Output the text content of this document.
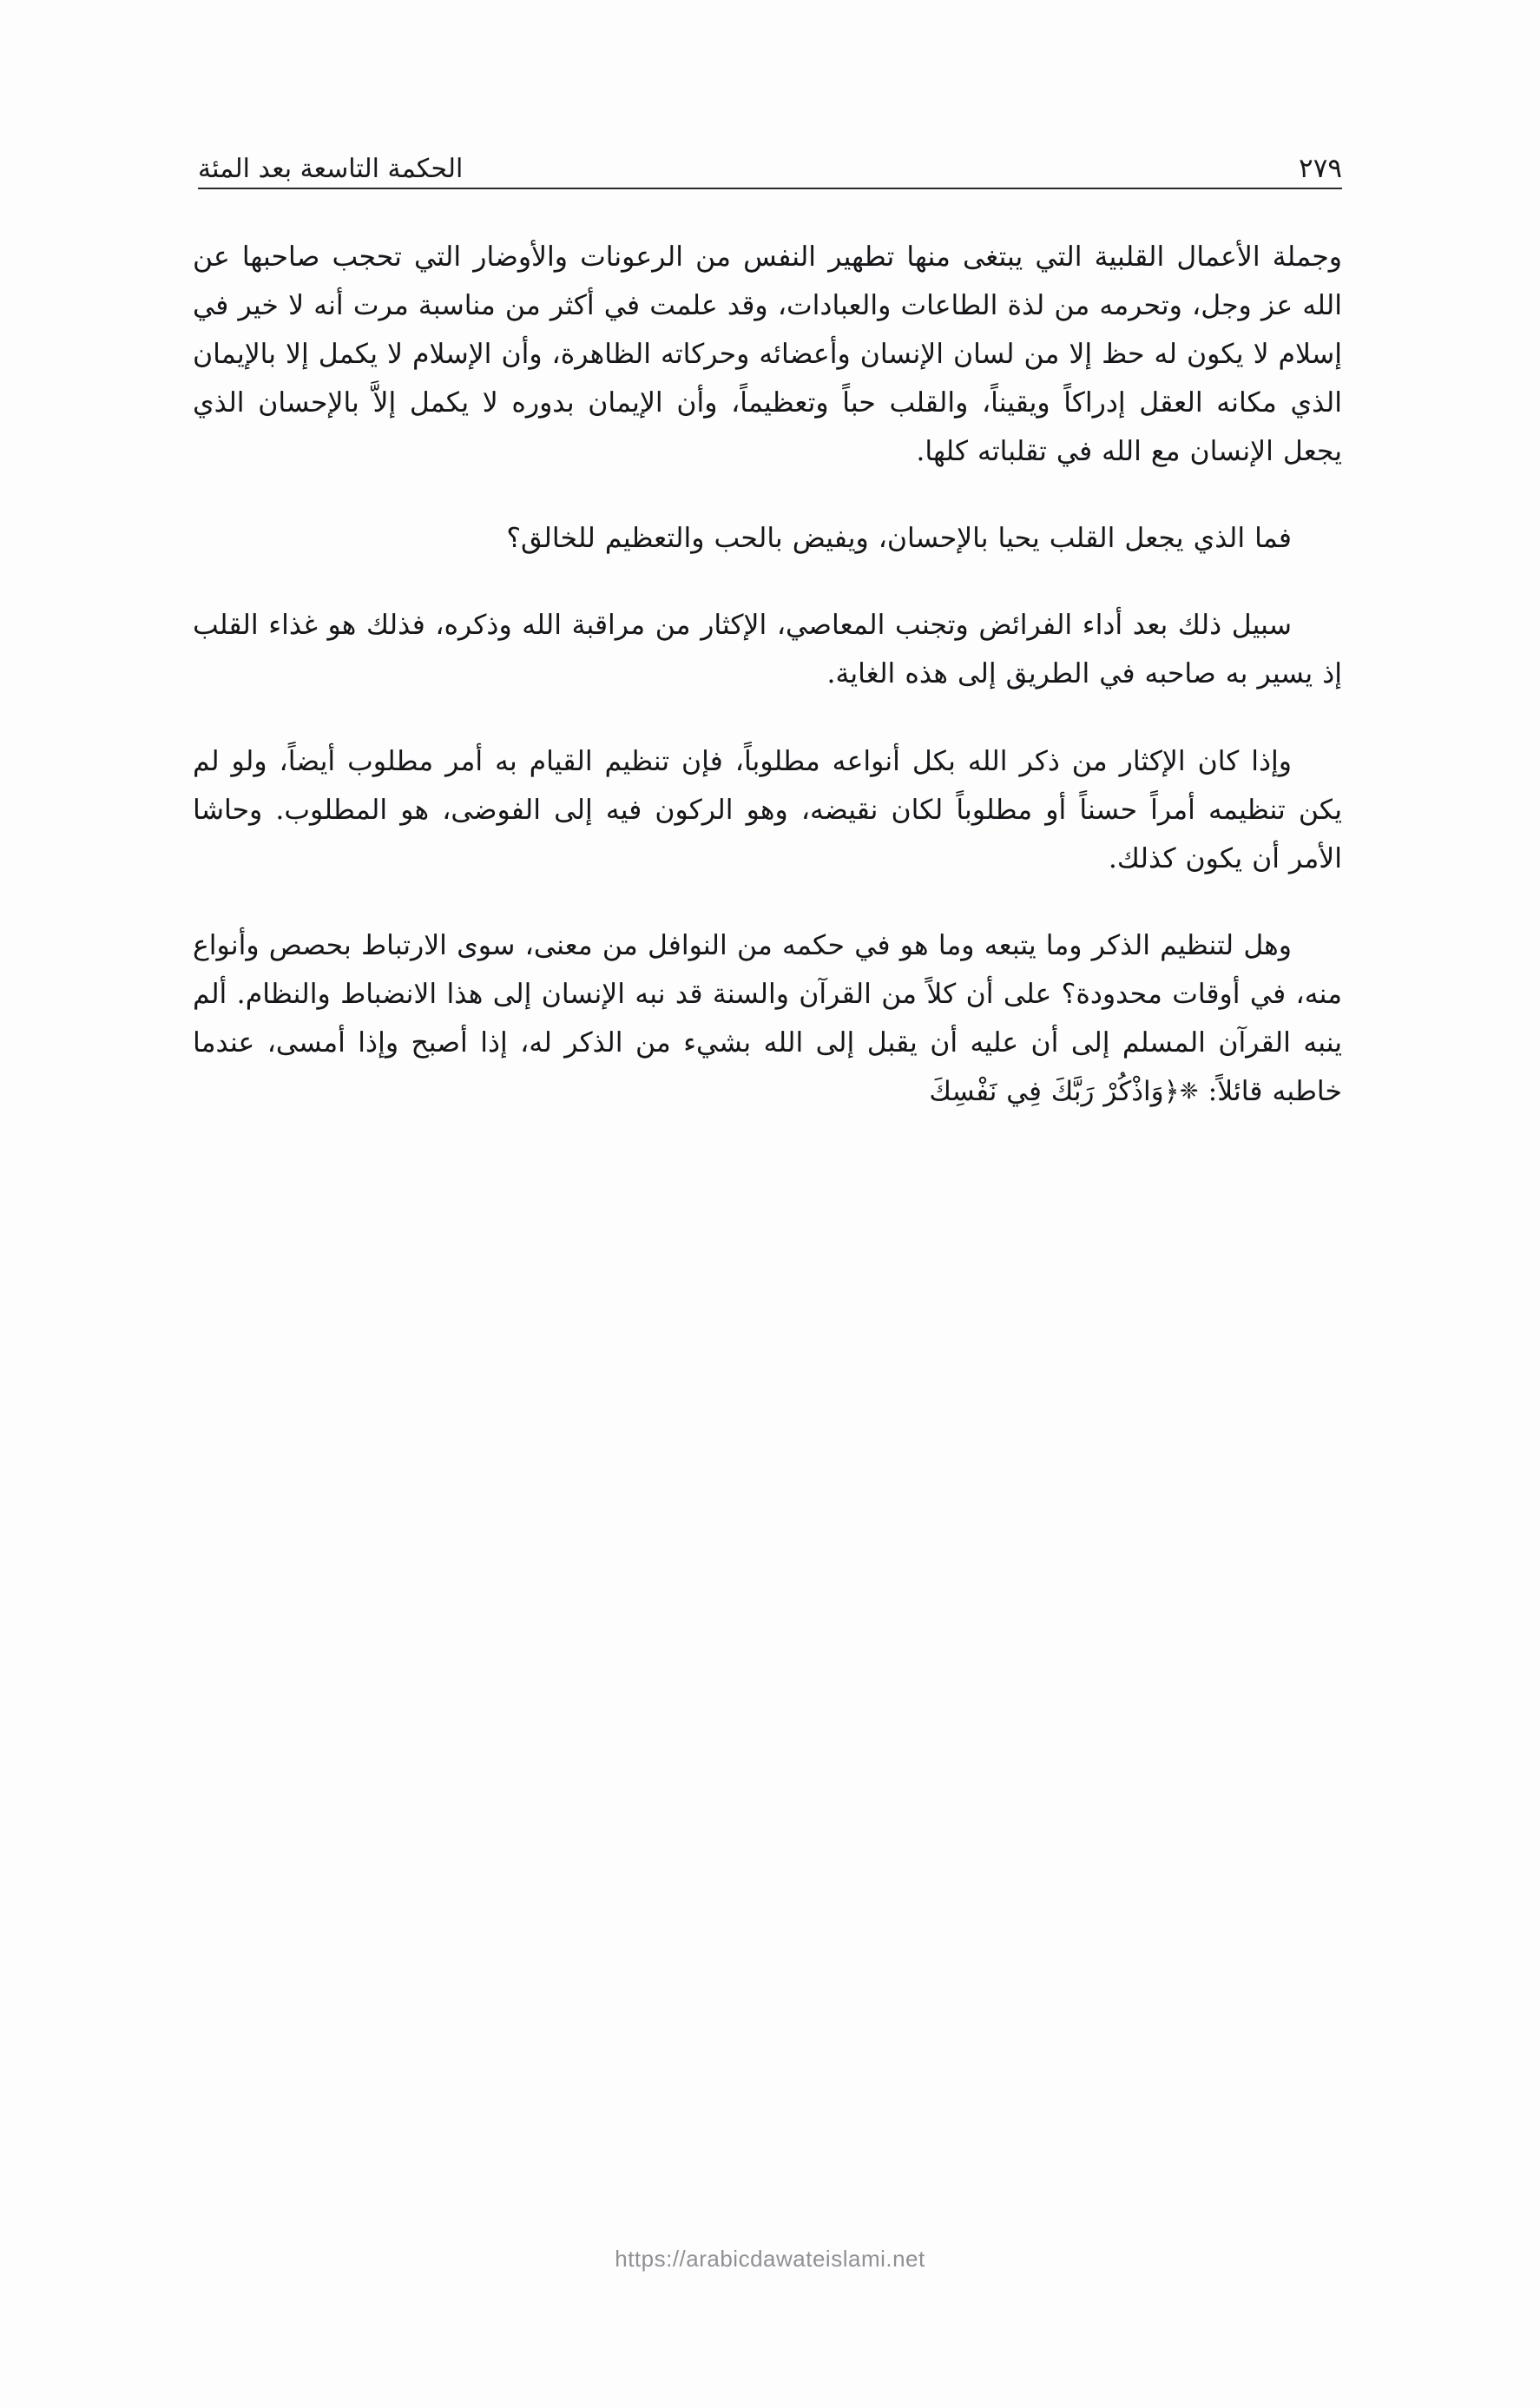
٢٧٩
الحكمة التاسعة بعد المئة

وجملة الأعمال القلبية التي يبتغى منها تطهير النفس من الرعونات والأوضار التي تحجب صاحبها عن الله عز وجل، وتحرمه من لذة الطاعات والعبادات، وقد علمت في أكثر من مناسبة مرت أنه لا خير في إسلام لا يكون له حظ إلا من لسان الإنسان وأعضائه وحركاته الظاهرة، وأن الإسلام لا يكمل إلا بالإيمان الذي مكانه العقل إدراكاً ويقيناً، والقلب حباً وتعظيماً، وأن الإيمان بدوره لا يكمل إلاَّ بالإحسان الذي يجعل الإنسان مع الله في تقلباته كلها.

فما الذي يجعل القلب يحيا بالإحسان، ويفيض بالحب والتعظيم للخالق؟

سبيل ذلك بعد أداء الفرائض وتجنب المعاصي، الإكثار من مراقبة الله وذكره، فذلك هو غذاء القلب إذ يسير به صاحبه في الطريق إلى هذه الغاية.

وإذا كان الإكثار من ذكر الله بكل أنواعه مطلوباً، فإن تنظيم القيام به أمر مطلوب أيضاً، ولو لم يكن تنظيمه أمراً حسناً أو مطلوباً لكان نقيضه، وهو الركون فيه إلى الفوضى، هو المطلوب. وحاشا الأمر أن يكون كذلك.

وهل لتنظيم الذكر وما يتبعه وما هو في حكمه من النوافل من معنى، سوى الارتباط بحصص وأنواع منه، في أوقات محدودة؟ على أن كلاً من القرآن والسنة قد نبه الإنسان إلى هذا الانضباط والنظام. ألم ينبه القرآن المسلم إلى أن عليه أن يقبل إلى الله بشيء من الذكر له، إذا أصبح وإذا أمسى، عندما خاطبه قائلاً: ❈﴿وَاذْكُرْ رَبَّكَ فِي نَفْسِكَ

https://arabicdawateislami.net
